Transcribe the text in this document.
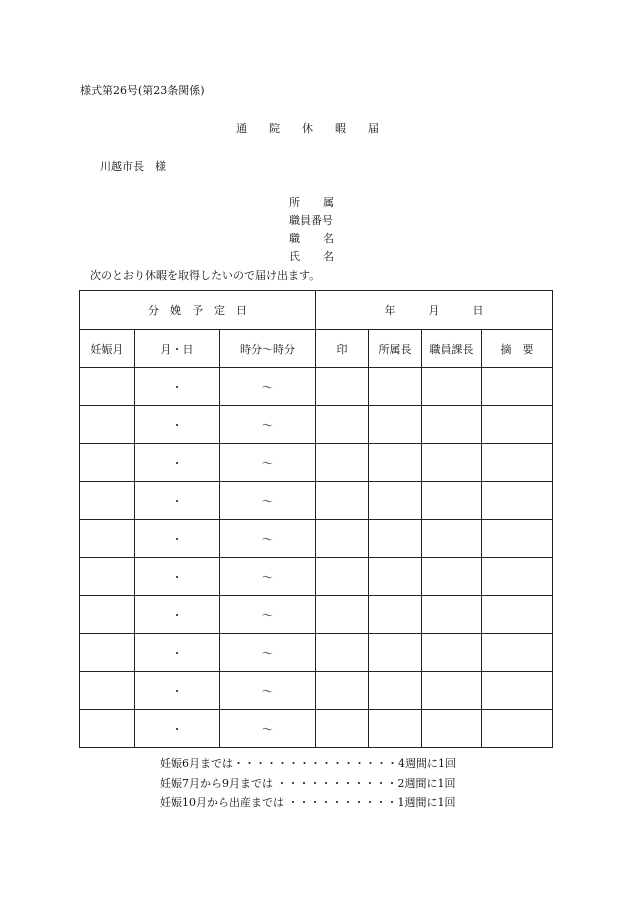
様式第26号(第23条関係)
通 院 休 暇 届
川越市長　様
所 属
職員番号
職 名
氏 名
次のとおり休暇を取得したいので届け出ます。
分　娩　予　定　日			年　　　月　　　日			
妊娠月	月・日	時分～時分	印	所属長	職員課長	摘　要
	・	～				
	・	～				
	・	～				
	・	～				
	・	～				
	・	～				
	・	～				
	・	～				
	・	～				
	・	～				
妊娠6月までは・・・・・・・・・・・・・・・4週間に1回
妊娠7月から9月までは ・・・・・・・・・・・2週間に1回
妊娠10月から出産までは ・・・・・・・・・・1週間に1回
